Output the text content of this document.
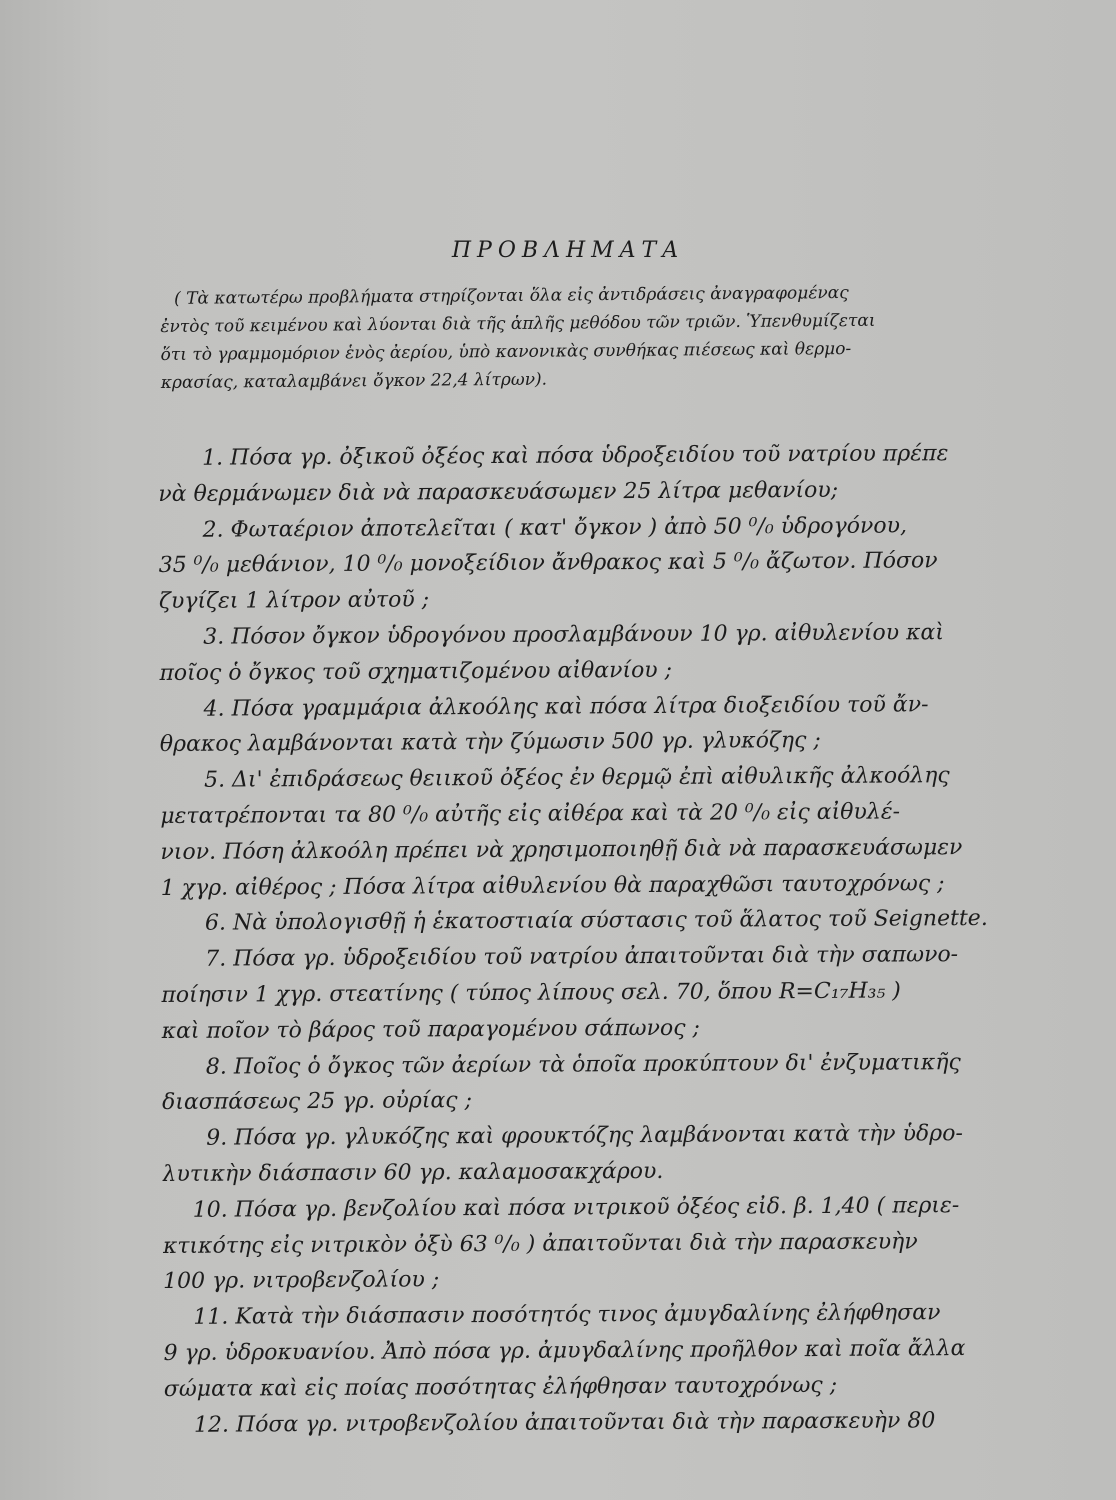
ΠΡΟΒΛΗΜΑΤΑ
( Τὰ κατωτέρω προβλήματα στηρίζονται ὅλα εἰς ἀντιδράσεις ἀναγραφομένας
ἐντὸς τοῦ κειμένου καὶ λύονται διὰ τῆς ἁπλῆς μεθόδου τῶν τριῶν. Ὑπενθυμίζεται
ὅτι τὸ γραμμομόριον ἑνὸς ἀερίου, ὑπὸ κανονικὰς συνθήκας πιέσεως καὶ θερμο-
κρασίας, καταλαμβάνει ὄγκον 22,4 λίτρων).
1. Πόσα γρ. ὀξικοῦ ὀξέος καὶ πόσα ὑδροξειδίου τοῦ νατρίου πρέπε
νὰ θερμάνωμεν διὰ νὰ παρασκευάσωμεν 25 λίτρα μεθανίου;
2. Φωταέριον ἀποτελεῖται ( κατ' ὄγκον ) ἀπὸ 50 ⁰/₀ ὑδρογόνου,
35 ⁰/₀ μεθάνιον, 10 ⁰/₀ μονοξείδιον ἄνθρακος καὶ 5 ⁰/₀ ἄζωτον. Πόσον
ζυγίζει 1 λίτρον αὐτοῦ ;
3. Πόσον ὄγκον ὑδρογόνου προσλαμβάνουν 10 γρ. αἰθυλενίου καὶ
ποῖος ὁ ὄγκος τοῦ σχηματιζομένου αἰθανίου ;
4. Πόσα γραμμάρια ἀλκοόλης καὶ πόσα λίτρα διοξειδίου τοῦ ἄν-
θρακος λαμβάνονται κατὰ τὴν ζύμωσιν 500 γρ. γλυκόζης ;
5. Δι' ἐπιδράσεως θειικοῦ ὀξέος ἐν θερμῷ ἐπὶ αἰθυλικῆς ἀλκοόλης
μετατρέπονται τα 80 ⁰/₀ αὐτῆς εἰς αἰθέρα καὶ τὰ 20 ⁰/₀ εἰς αἰθυλέ-
νιον. Πόση ἀλκοόλη πρέπει νὰ χρησιμοποιηθῇ διὰ νὰ παρασκευάσωμεν
1 χγρ. αἰθέρος ; Πόσα λίτρα αἰθυλενίου θὰ παραχθῶσι ταυτοχρόνως ;
6. Νὰ ὑπολογισθῇ ἡ ἑκατοστιαία σύστασις τοῦ ἅλατος τοῦ Seignette.
7. Πόσα γρ. ὑδροξειδίου τοῦ νατρίου ἀπαιτοῦνται διὰ τὴν σαπωνο-
ποίησιν 1 χγρ. στεατίνης ( τύπος λίπους σελ. 70, ὅπου R=C₁₇H₃₅ )
καὶ ποῖον τὸ βάρος τοῦ παραγομένου σάπωνος ;
8. Ποῖος ὁ ὄγκος τῶν ἀερίων τὰ ὁποῖα προκύπτουν δι' ἐνζυματικῆς
διασπάσεως 25 γρ. οὐρίας ;
9. Πόσα γρ. γλυκόζης καὶ φρουκτόζης λαμβάνονται κατὰ τὴν ὑδρο-
λυτικὴν διάσπασιν 60 γρ. καλαμοσακχάρου.
10. Πόσα γρ. βενζολίου καὶ πόσα νιτρικοῦ ὀξέος εἰδ. β. 1,40 ( περιε-
κτικότης εἰς νιτρικὸν ὀξὺ 63 ⁰/₀ ) ἀπαιτοῦνται διὰ τὴν παρασκευὴν
100 γρ. νιτροβενζολίου ;
11. Κατὰ τὴν διάσπασιν ποσότητός τινος ἀμυγδαλίνης ἐλήφθησαν
9 γρ. ὑδροκυανίου. Ἀπὸ πόσα γρ. ἀμυγδαλίνης προῆλθον καὶ ποῖα ἄλλα
σώματα καὶ εἰς ποίας ποσότητας ἐλήφθησαν ταυτοχρόνως ;
12. Πόσα γρ. νιτροβενζολίου ἀπαιτοῦνται διὰ τὴν παρασκευὴν 80
